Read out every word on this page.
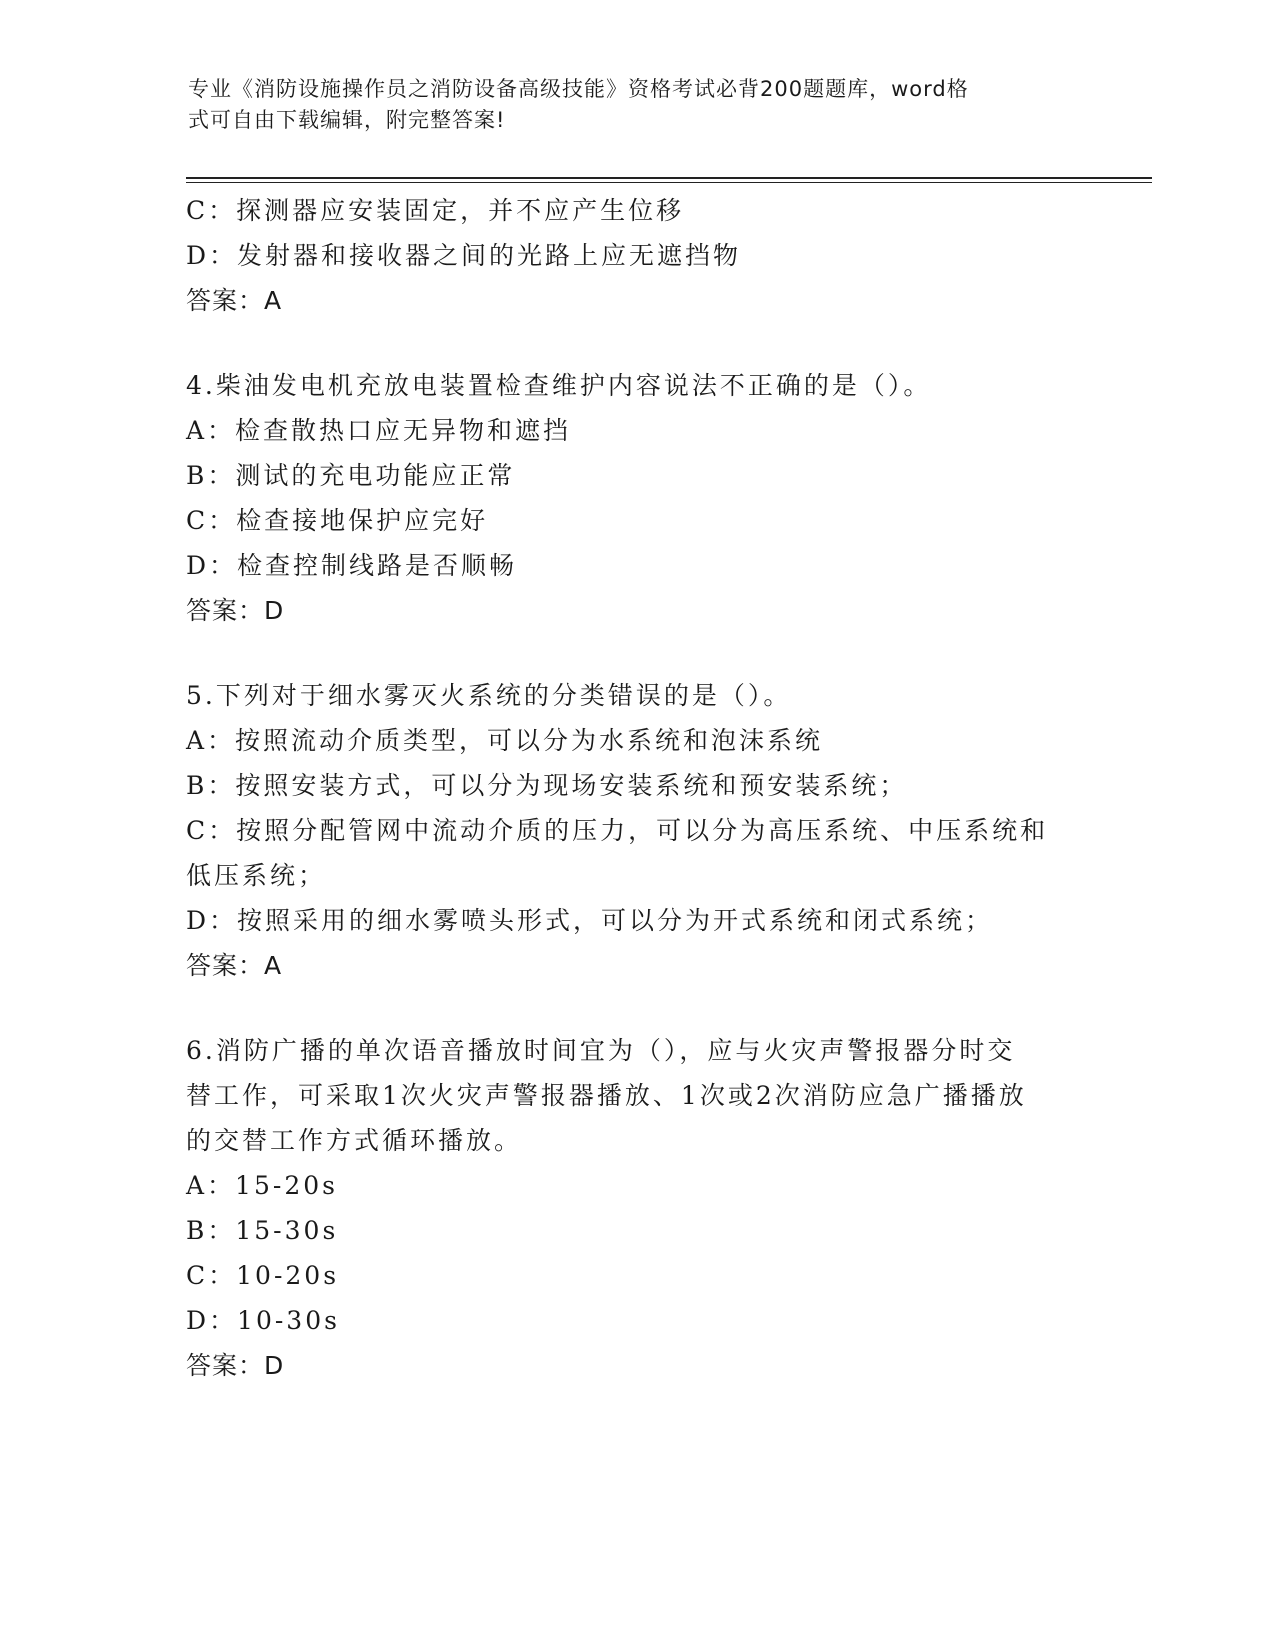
专业《消防设施操作员之消防设备高级技能》资格考试必背200题题库，word格
式可自由下载编辑，附完整答案!
C：探测器应安装固定，并不应产生位移
D：发射器和接收器之间的光路上应无遮挡物
答案：A
4.柴油发电机充放电装置检查维护内容说法不正确的是（）。
A：检查散热口应无异物和遮挡
B：测试的充电功能应正常
C：检查接地保护应完好
D：检查控制线路是否顺畅
答案：D
5.下列对于细水雾灭火系统的分类错误的是（）。
A：按照流动介质类型，可以分为水系统和泡沫系统
B：按照安装方式，可以分为现场安装系统和预安装系统；
C：按照分配管网中流动介质的压力，可以分为高压系统、中压系统和
低压系统；
D：按照采用的细水雾喷头形式，可以分为开式系统和闭式系统；
答案：A
6.消防广播的单次语音播放时间宜为（），应与火灾声警报器分时交
替工作，可采取1次火灾声警报器播放、1次或2次消防应急广播播放
的交替工作方式循环播放。
A：15-20s
B：15-30s
C：10-20s
D：10-30s
答案：D
